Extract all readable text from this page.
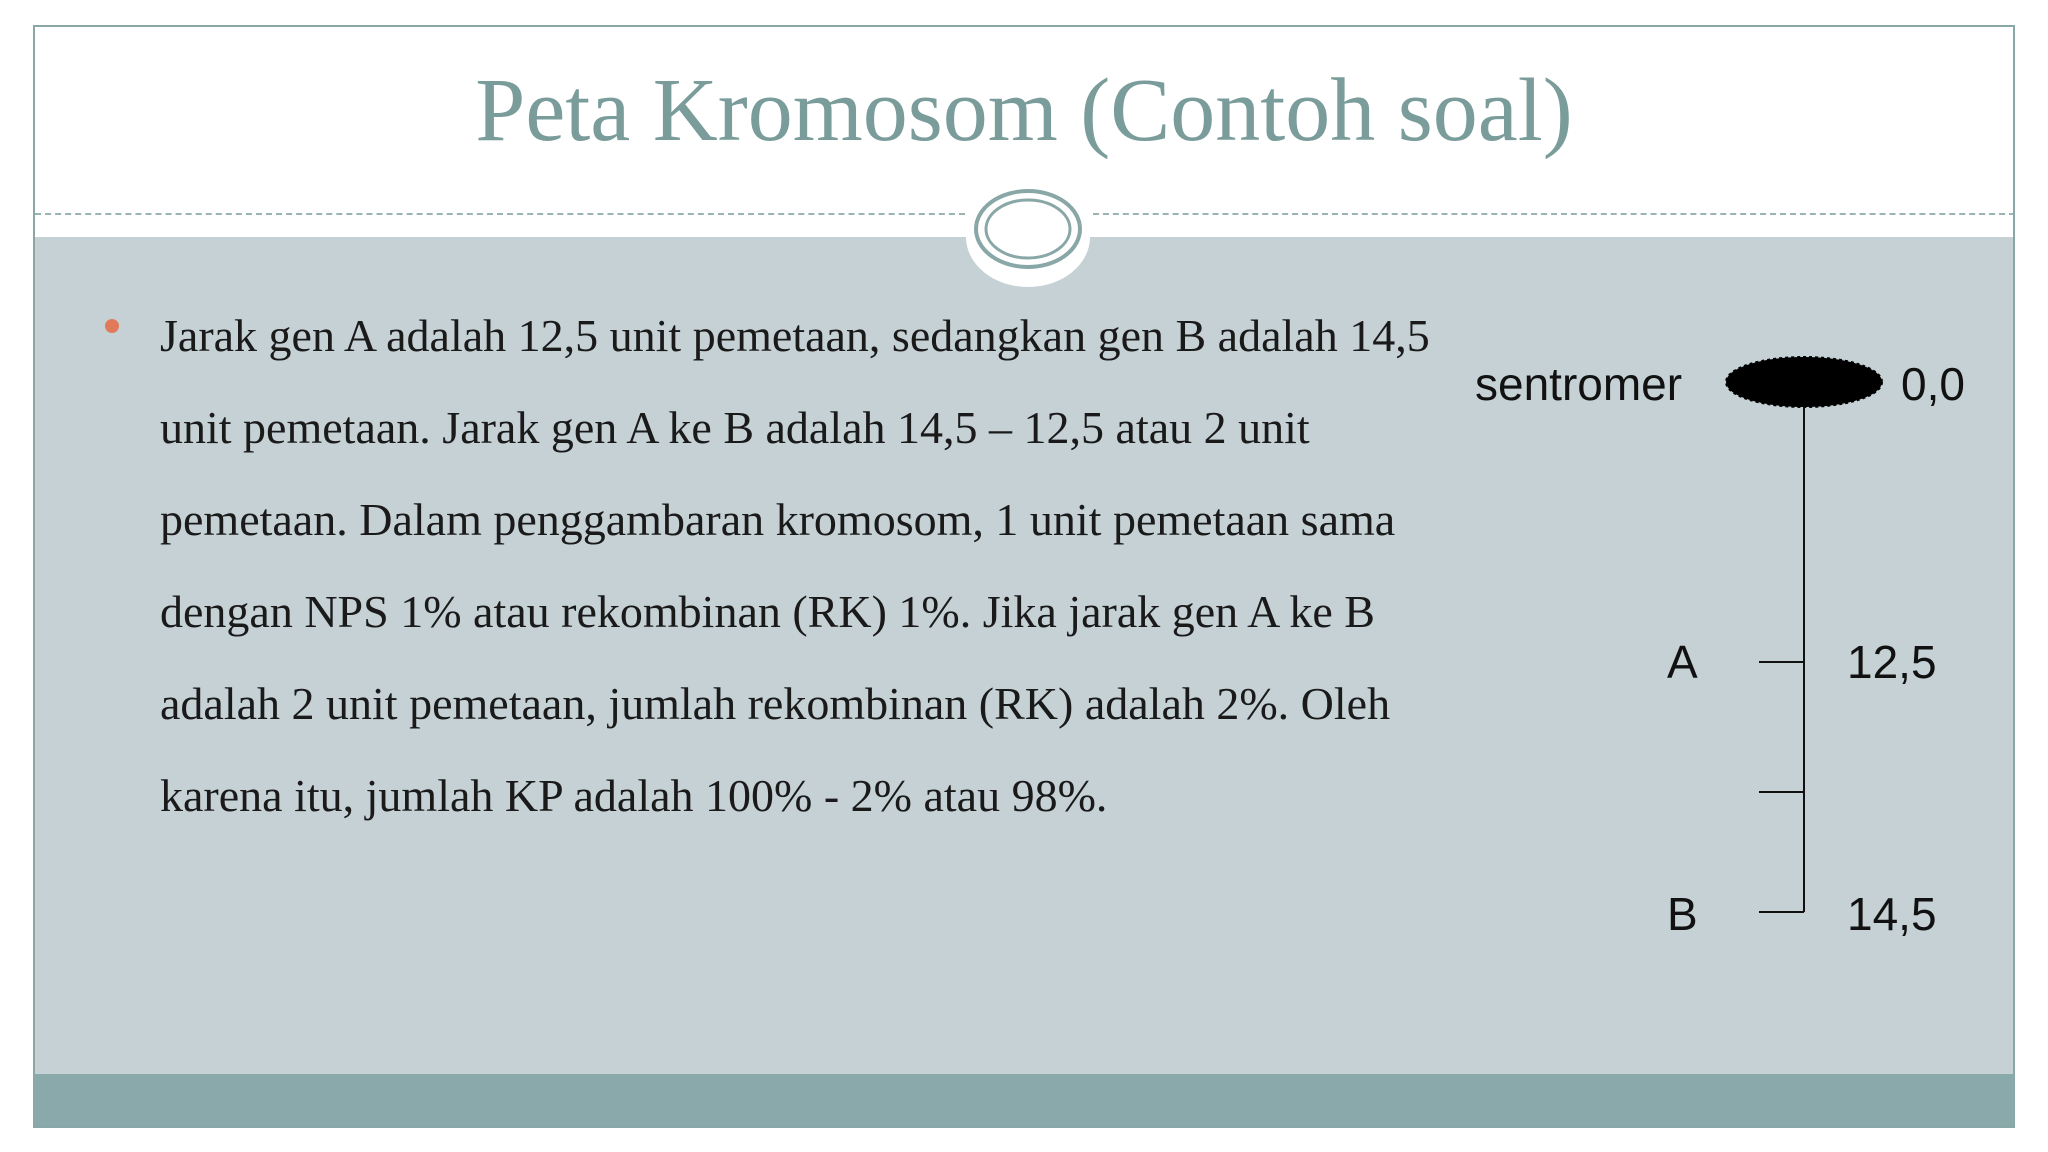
Peta Kromosom (Contoh soal)
Jarak gen A adalah 12,5 unit pemetaan, sedangkan gen B adalah 14,5 unit pemetaan. Jarak gen A ke B adalah 14,5 – 12,5 atau 2 unit pemetaan. Dalam penggambaran kromosom, 1 unit pemetaan sama dengan NPS 1% atau rekombinan (RK) 1%. Jika jarak gen A ke B adalah 2 unit pemetaan, jumlah rekombinan (RK) adalah 2%. Oleh karena itu, jumlah KP adalah 100% - 2% atau 98%.
sentromer	0,0
A	12,5
B	14,5
